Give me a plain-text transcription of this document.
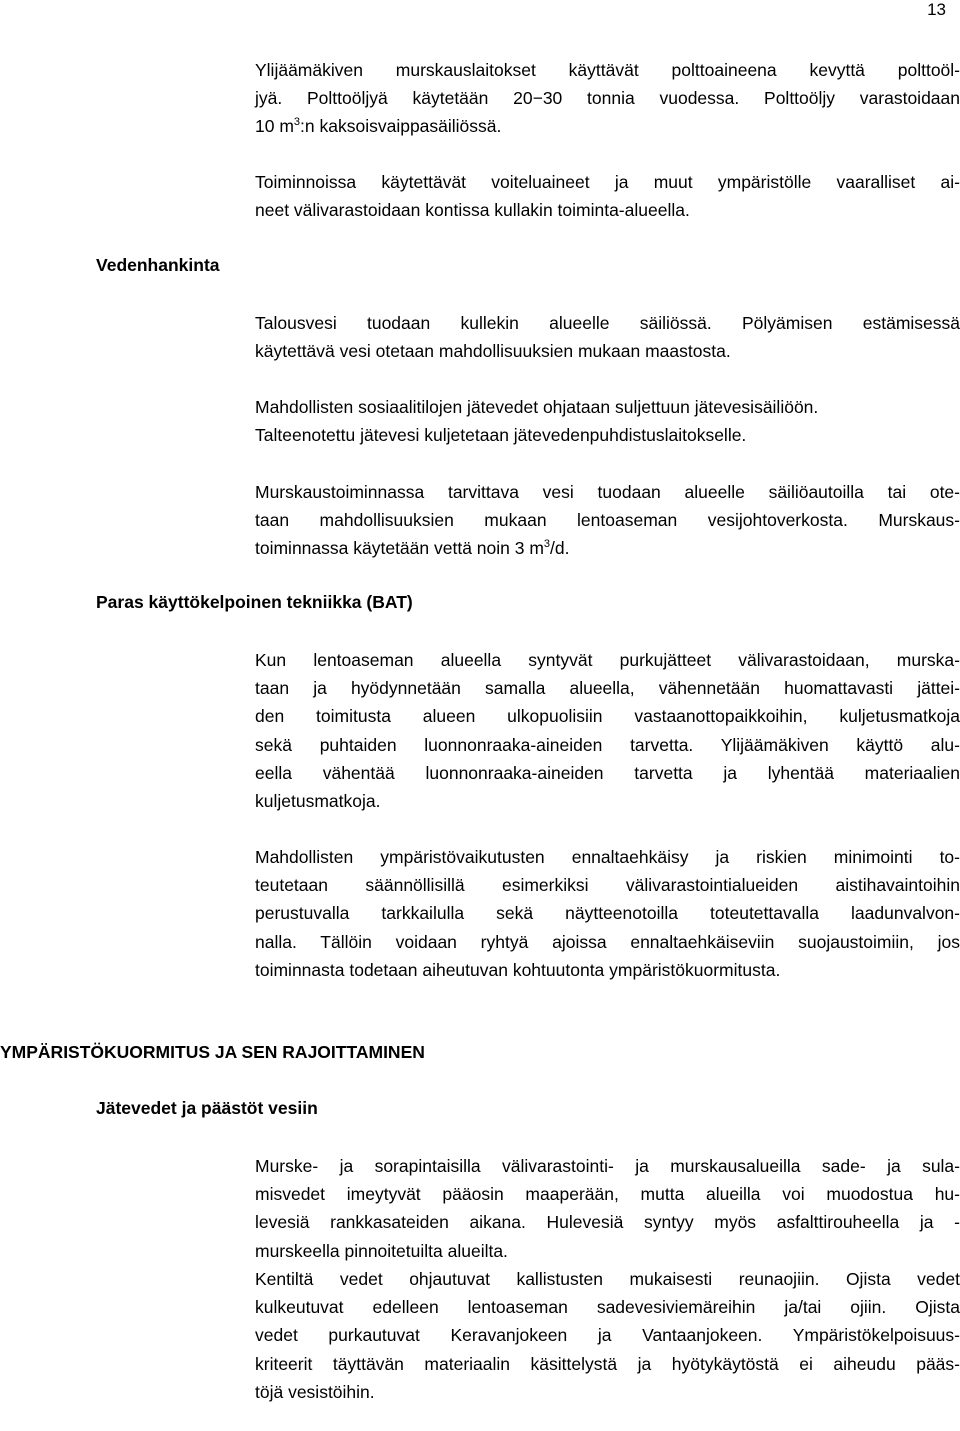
13
Ylijäämäkiven murskauslaitokset käyttävät polttoaineena kevyttä polttoöl-
jyä. Polttoöljyä käytetään 20−30 tonnia vuodessa. Polttoöljy varastoidaan
10 $m^3:n$ kaksoisvaippasäiliössä.
Toiminnoissa käytettävät voiteluaineet ja muut ympäristölle vaaralliset ai-
neet välivarastoidaan kontissa kullakin toiminta-alueella.
Vedenhankinta
Talousvesi tuodaan kullekin alueelle säiliössä. Pölyämisen estämisessä
käytettävä vesi otetaan mahdollisuuksien mukaan maastosta.
Mahdollisten sosiaalitilojen jätevedet ohjataan suljettuun jätevesisäiliöön.
Talteenotettu jätevesi kuljetetaan jätevedenpuhdistuslaitokselle.
Murskaustoiminnassa tarvittava vesi tuodaan alueelle säiliöautoilla tai ote-
taan mahdollisuuksien mukaan lentoaseman vesijohtoverkosta. Murskaus-
toiminnassa käytetään vettä noin 3 $m^3/d$.
Paras käyttökelpoinen tekniikka (BAT)
Kun lentoaseman alueella syntyvät purkujätteet välivarastoidaan, murska-
taan ja hyödynnetään samalla alueella, vähennetään huomattavasti jättei-
den toimitusta alueen ulkopuolisiin vastaanottopaikkoihin, kuljetusmatkoja
sekä puhtaiden luonnonraaka-aineiden tarvetta. Ylijäämäkiven käyttö alu-
eella vähentää luonnonraaka-aineiden tarvetta ja lyhentää materiaalien
kuljetusmatkoja.
Mahdollisten ympäristövaikutusten ennaltaehkäisy ja riskien minimointi to-
teutetaan säännöllisillä esimerkiksi välivarastointialueiden aistihavaintoihin
perustuvalla tarkkailulla sekä näytteenotoilla toteutettavalla laadunvalvon-
nalla. Tällöin voidaan ryhtyä ajoissa ennaltaehkäiseviin suojaustoimiin, jos
toiminnasta todetaan aiheutuvan kohtuutonta ympäristökuormitusta.
YMPÄRISTÖKUORMITUS JA SEN RAJOITTAMINEN
Jätevedet ja päästöt vesiin
Murske- ja sorapintaisilla välivarastointi- ja murskausalueilla sade- ja sula-
misvedet imeytyvät pääosin maaperään, mutta alueilla voi muodostua hu-
levesiä rankkasateiden aikana. Hulevesiä syntyy myös asfalttirouheella ja -
murskeella pinnoitetuilta alueilta.
Kentiltä vedet ohjautuvat kallistusten mukaisesti reunaojiin. Ojista vedet
kulkeutuvat edelleen lentoaseman sadevesiviemäreihin ja/tai ojiin. Ojista
vedet purkautuvat Keravanjokeen ja Vantaanjokeen. Ympäristökelpoisuus-
kriteerit täyttävän materiaalin käsittelystä ja hyötykäytöstä ei aiheudu pääs-
töjä vesistöihin.
